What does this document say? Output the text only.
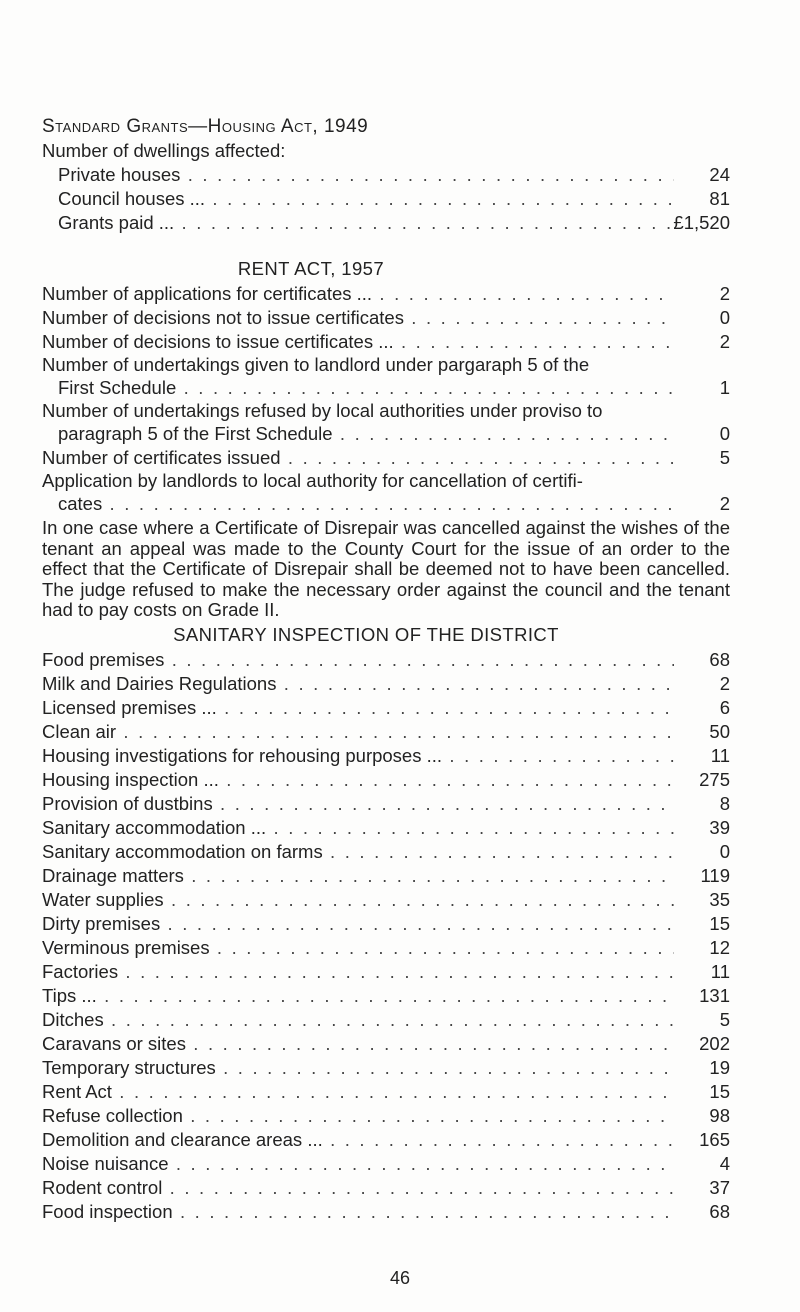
Standard Grants—Housing Act, 1949
Number of dwellings affected:
Private houses . . .	24
Council houses ... . . .	81
Grants paid ... . . .	£1,520
RENT ACT, 1957
Number of applications for certificates ... . . .	2
Number of decisions not to issue certificates . . .	0
Number of decisions to issue certificates ... . . .	2
Number of undertakings given to landlord under pargaraph 5 of the
First Schedule . . .	1
Number of undertakings refused by local authorities under proviso to
paragraph 5 of the First Schedule . . .	0
Number of certificates issued . . .	5
Application by landlords to local authority for cancellation of certifi-
cates . . .	2
In one case where a Certificate of Disrepair was cancelled against the wishes of the tenant an appeal was made to the County Court for the issue of an order to the effect that the Certificate of Disrepair shall be deemed not to have been cancelled. The judge refused to make the necessary order against the council and the tenant had to pay costs on Grade II.
SANITARY INSPECTION OF THE DISTRICT
Food premises . . .	68
Milk and Dairies Regulations . . .	2
Licensed premises ... . . .	6
Clean air . . .	50
Housing investigations for rehousing purposes ... . . .	11
Housing inspection ... . . .	275
Provision of dustbins . . .	8
Sanitary accommodation ... . . .	39
Sanitary accommodation on farms . . .	0
Drainage matters . . .	119
Water supplies . . .	35
Dirty premises . . .	15
Verminous premises . . .	12
Factories . . .	11
Tips ... . . .	131
Ditches . . .	5
Caravans or sites . . .	202
Temporary structures . . .	19
Rent Act . . .	15
Refuse collection . . .	98
Demolition and clearance areas ... . . .	165
Noise nuisance . . .	4
Rodent control . . .	37
Food inspection . . .	68
46
